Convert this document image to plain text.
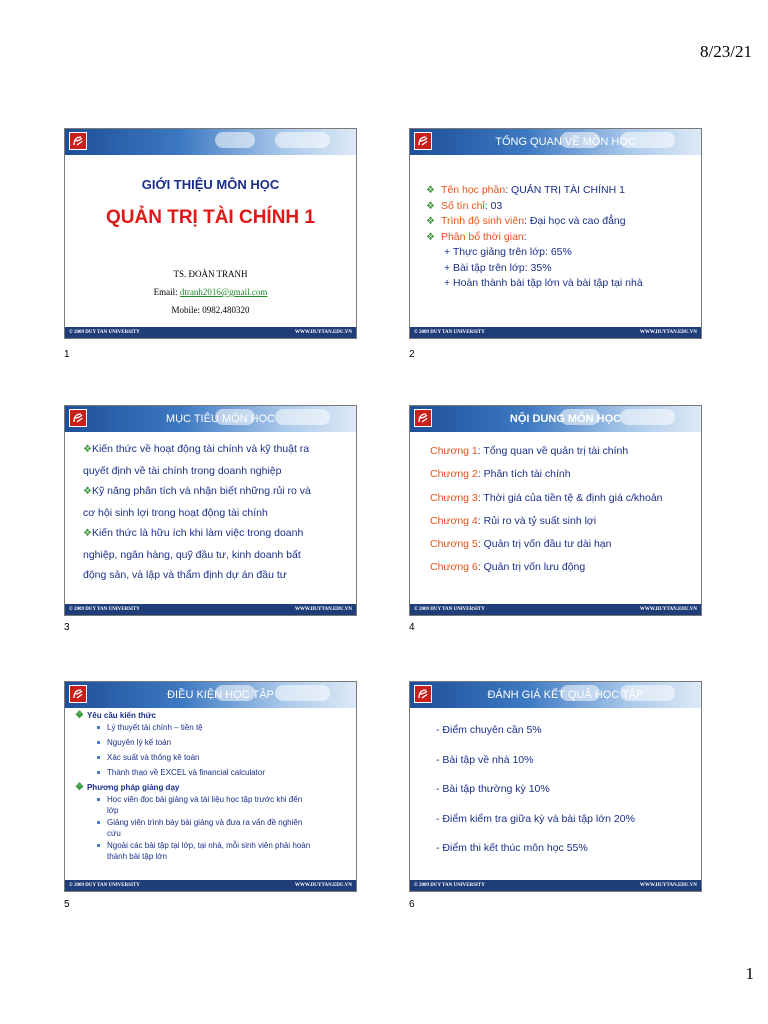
8/23/21
GIỚI THIỆU MÔN HỌC
QUẢN TRỊ TÀI CHÍNH 1
TS. ĐOÀN TRANH
Email: dtranh2016@gmail.com
Mobile: 0982.480320
© 2009 DUY TAN UNIVERSITY	WWW.DUYTAN.EDU.VN
1
TỔNG QUAN VỀ MÔN HỌC
❖ Tên học phần: QUẢN TRỊ TÀI CHÍNH 1
❖ Số tín chỉ: 03
❖ Trình độ sinh viên: Đại học và cao đẳng
❖ Phân bổ thời gian:
+ Thực giảng trên lớp: 65%
+ Bài tập trên lớp: 35%
+ Hoàn thành bài tập lớn và bài tập tại nhà
© 2009 DUY TAN UNIVERSITY	WWW.DUYTAN.EDU.VN
2
MỤC TIÊU MÔN HỌC
❖Kiến thức về hoạt động tài chính và kỹ thuật ra
quyết định về tài chính trong doanh nghiệp
❖Kỹ năng phân tích và nhận biết những rủi ro và
cơ hội sinh lợi trong hoạt động tài chính
❖Kiến thức là hữu ích khi làm việc trong doanh
nghiệp, ngân hàng, quỹ đầu tư, kinh doanh bất
động sản, và lập và thẩm định dự án đầu tư
© 2009 DUY TAN UNIVERSITY	WWW.DUYTAN.EDU.VN
3
NỘI DUNG MÔN HỌC
Chương 1: Tổng quan về quản trị tài chính
Chương 2: Phân tích tài chính
Chương 3: Thời giá của tiền tệ & định giá c/khoản
Chương 4: Rủi ro và tỷ suất sinh lợi
Chương 5: Quản trị vốn đầu tư dài hạn
Chương 6: Quản trị vốn lưu động
© 2009 DUY TAN UNIVERSITY	WWW.DUYTAN.EDU.VN
4
ĐIỀU KIỆN HỌC TẬP
❖ Yêu cầu kiến thức
Lý thuyết tài chính – tiền tệ
Nguyên lý kế toán
Xác suất và thống kê toán
Thành thạo về EXCEL và financial calculator
❖ Phương pháp giảng dạy
Học viên đọc bài giảng và tài liệu học tập trước khi đến lớp
Giảng viên trình bày bài giảng và đưa ra vấn đề nghiên cứu
Ngoài các bài tập tại lớp, tại nhà, mỗi sinh viên phải hoàn thành bài tập lớn
© 2009 DUY TAN UNIVERSITY	WWW.DUYTAN.EDU.VN
5
ĐÁNH GIÁ KẾT QUẢ HỌC TẬP
- Điểm chuyên cần 5%
- Bài tập về nhà 10%
- Bài tập thường kỳ 10%
- Điểm kiểm tra giữa kỳ và bài tập lớn 20%
- Điểm thi kết thúc môn học 55%
© 2009 DUY TAN UNIVERSITY	WWW.DUYTAN.EDU.VN
6
1
